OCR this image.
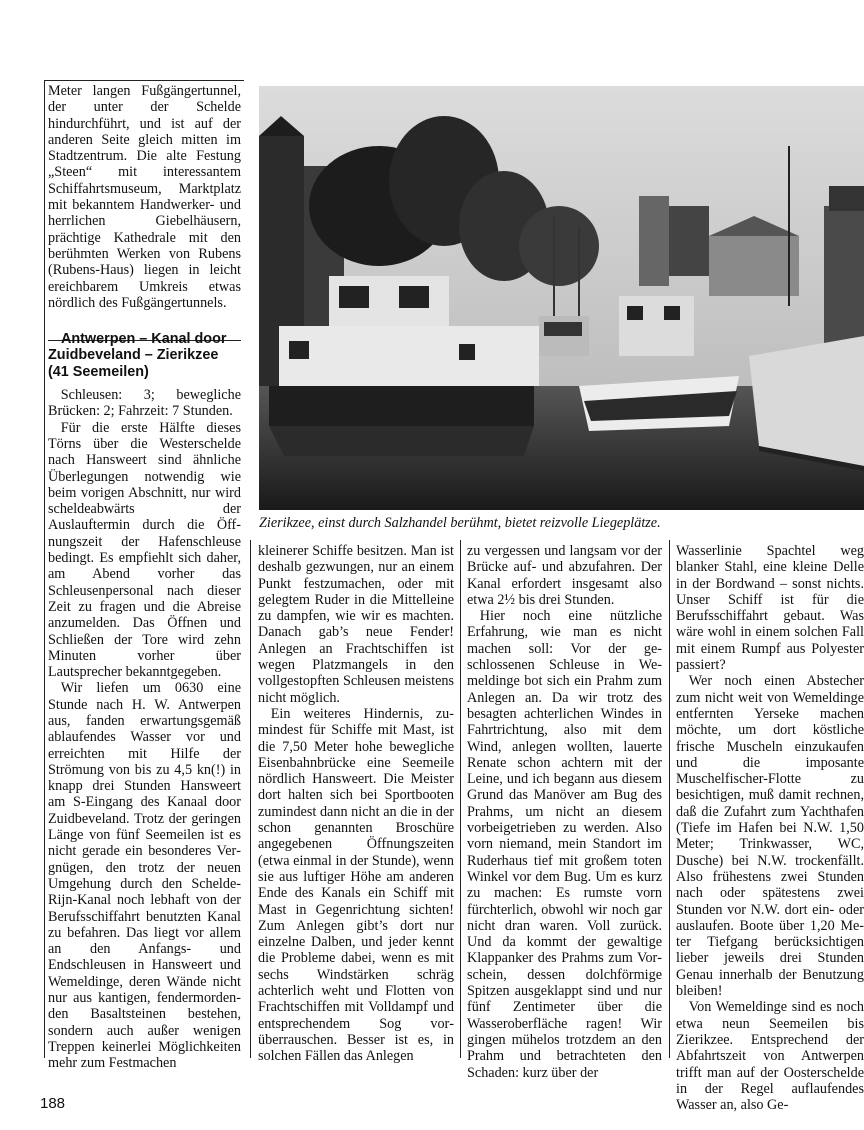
Meter langen Fußgängertunnel, der unter der Schelde hindurchführt, und ist auf der anderen Seite gleich mitten im Stadtzentrum. Die alte Festung „Steen“ mit interessantem Schiffahrtsmuseum, Marktplatz mit bekanntem Handwerker- und herrlichen Giebelhäusern, prächtige Kathedrale mit den berühmten Werken von Rubens (Rubens-Haus) liegen in leicht ereichbarem Umkreis etwas nördlich des Fußgängertunnels.

Antwerpen – Kanal door Zuidbeveland – Zierikzee (41 Seemeilen)

Schleusen: 3; bewegliche Brücken: 2; Fahrzeit: 7 Stunden.

Für die erste Hälfte dieses Törns über die Westerschelde nach Hansweert sind ähnliche Überlegungen notwendig wie beim vorigen Abschnitt, nur wird scheldeabwärts der Auslauftermin durch die Öffnungszeit der Hafenschleuse bedingt. Es empfiehlt sich daher, am Abend vorher das Schleusenpersonal nach dieser Zeit zu fragen und die Abreise anzumelden. Das Öffnen und Schließen der Tore wird zehn Minuten vorher über Lautsprecher bekanntgegeben.

Wir liefen um 0630 eine Stunde nach H. W. Antwerpen aus, fanden erwartungsgemäß ablaufendes Wasser vor und erreichten mit Hilfe der Strömung von bis zu 4,5 kn(!) in knapp drei Stunden Hansweert am S-Eingang des Kanaal door Zuidbeveland. Trotz der geringen Länge von fünf Seemeilen ist es nicht gerade ein besonderes Vergnügen, den trotz der neuen Umgehung durch den Schelde-Rijn-Kanal noch lebhaft von der Berufsschiffahrt benutzten Kanal zu befahren. Das liegt vor allem an den Anfangs- und Endschleusen in Hansweert und Wemeldinge, deren Wände nicht nur aus kantigen, fendermordenden Basaltsteinen bestehen, sondern auch außer wenigen Treppen keinerlei Möglichkeiten mehr zum Festmachen

Zierikzee, einst durch Salzhandel berühmt, bietet reizvolle Liegeplätze.

kleinerer Schiffe besitzen. Man ist deshalb gezwungen, nur an einem Punkt festzumachen, oder mit gelegtem Ruder in die Mittelleine zu dampfen, wie wir es machten. Danach gab’s neue Fender! Anlegen an Frachtschiffen ist wegen Platzmangels in den vollgestopften Schleusen meistens nicht möglich.

Ein weiteres Hindernis, zumindest für Schiffe mit Mast, ist die 7,50 Meter hohe bewegliche Eisenbahnbrücke eine Seemeile nördlich Hansweert. Die Meister dort halten sich bei Sportbooten zumindest dann nicht an die in der schon genannten Broschüre angegebenen Öffnungszeiten (etwa einmal in der Stunde), wenn sie aus luftiger Höhe am anderen Ende des Kanals ein Schiff mit Mast in Gegenrichtung sichten! Zum Anlegen gibt’s dort nur einzelne Dalben, und jeder kennt die Probleme dabei, wenn es mit sechs Windstärken schräg achterlich weht und Flotten von Frachtschiffen mit Volldampf und entsprechendem Sog vorüberrauschen. Besser ist es, in solchen Fällen das Anlegen

zu vergessen und langsam vor der Brücke auf- und abzufahren. Der Kanal erfordert insgesamt also etwa 2½ bis drei Stunden.

Hier noch eine nützliche Erfahrung, wie man es nicht machen soll: Vor der geschlossenen Schleuse in Wemeldinge bot sich ein Prahm zum Anlegen an. Da wir trotz des besagten achterlichen Windes in Fahrtrichtung, also mit dem Wind, anlegen wollten, lauerte Renate schon achtern mit der Leine, und ich begann aus diesem Grund das Manöver am Bug des Prahms, um nicht an diesem vorbeigetrieben zu werden. Also vorn niemand, mein Standort im Ruderhaus tief mit großem toten Winkel vor dem Bug. Um es kurz zu machen: Es rumste vorn fürchterlich, obwohl wir noch gar nicht dran waren. Voll zurück. Und da kommt der gewaltige Klappanker des Prahms zum Vorschein, dessen dolchförmige Spitzen ausgeklappt sind und nur fünf Zentimeter über die Wasseroberfläche ragen! Wir gingen mühelos trotzdem an den Prahm und betrachteten den Schaden: kurz über der

Wasserlinie Spachtel weg blanker Stahl, eine kleine Delle in der Bordwand – sonst nichts. Unser Schiff ist für die Berufsschiffahrt gebaut. Was wäre wohl in einem solchen Fall mit einem Rumpf aus Polyester passiert?

Wer noch einen Abstecher zum nicht weit von Wemeldinge entfernten Yersekе machen möchte, um dort köstliche frische Muscheln einzukaufen und die imposante Muschelfischer-Flotte zu besichtigen, muß damit rechnen, daß die Zufahrt zum Yachthafen (Tiefe im Hafen bei N.W. 1,50 Meter; Trinkwasser, WC, Dusche) bei N.W. trockenfällt. Also frühestens zwei Stunden nach oder spätestens zwei Stunden vor N.W. dort ein- oder auslaufen. Boote über 1,20 Meter Tiefgang berücksichtigen lieber jeweils drei Stunden Genau innerhalb der Benutzung bleiben!

Von Wemeldinge sind es noch etwa neun Seemeilen bis Zierikzee. Entsprechend der Abfahrtszeit von Antwerpen trifft man auf der Oosterschelde in der Regel auflaufendes Wasser an, also Ge-

188
